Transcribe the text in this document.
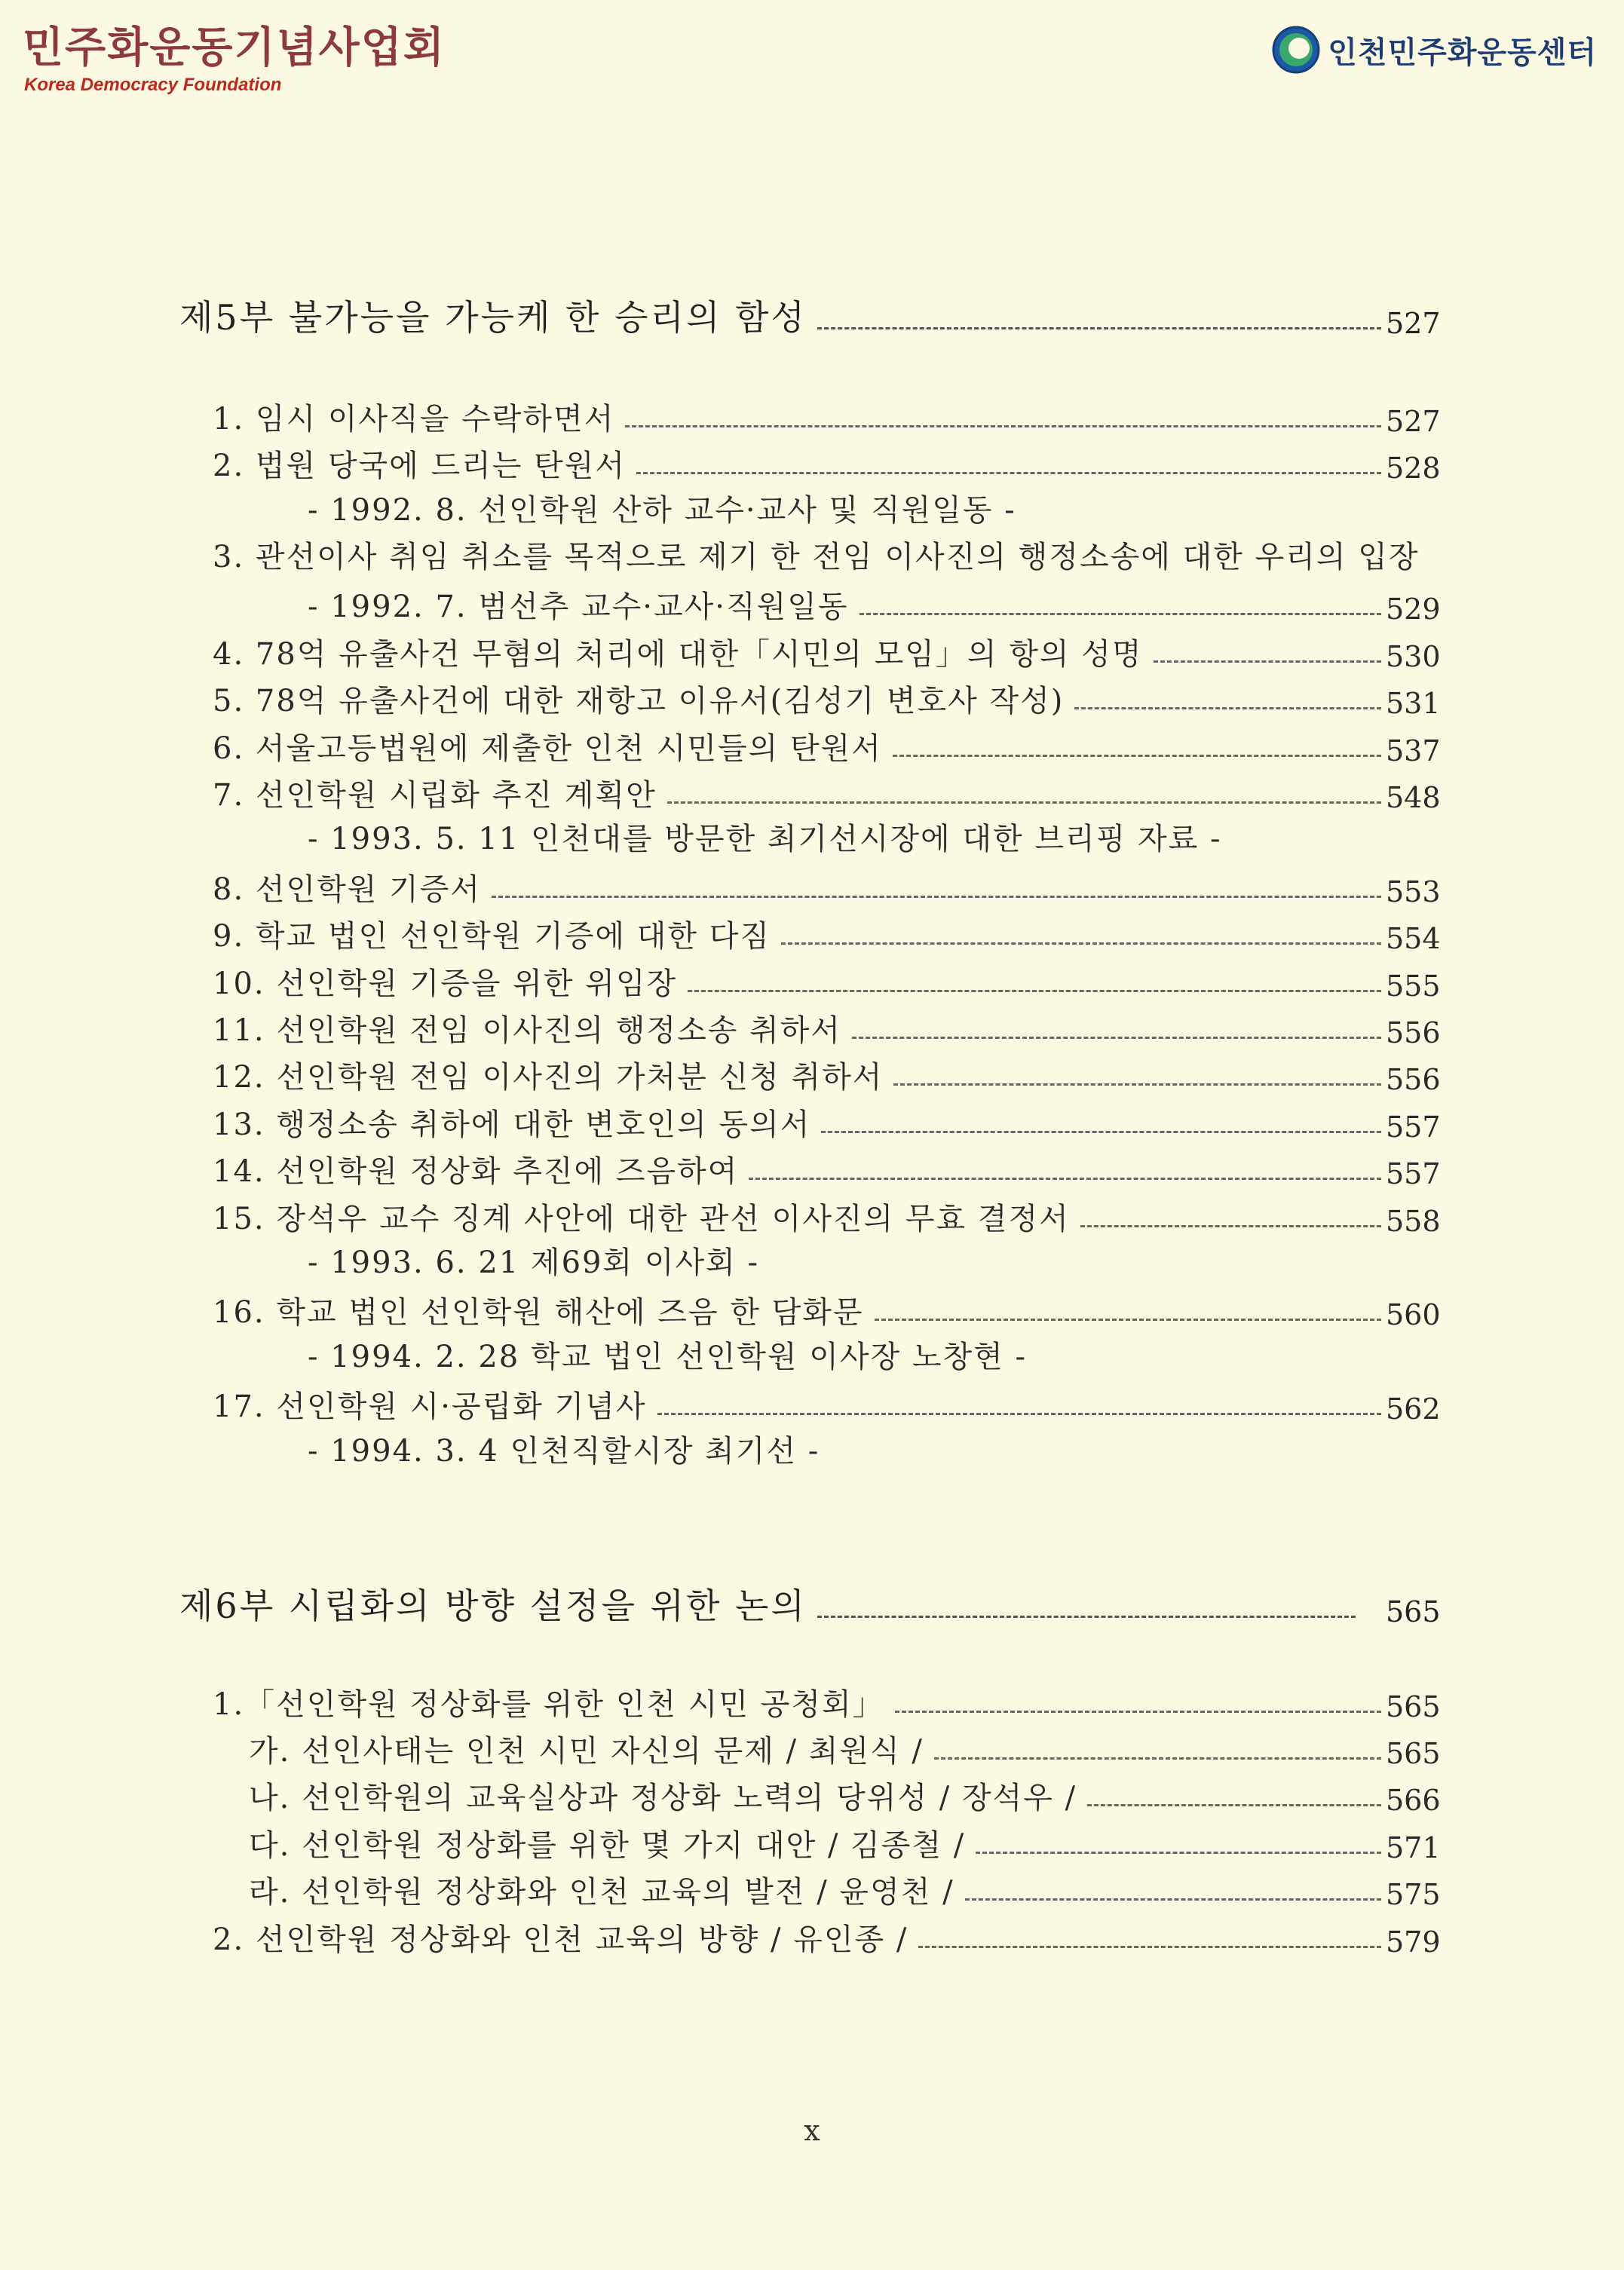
민주화운동기념사업회
Korea Democracy Foundation
인천민주화운동센터
제5부 불가능을 가능케 한 승리의 함성	527
1. 임시 이사직을 수락하면서	527
2. 법원 당국에 드리는 탄원서	528
- 1992. 8. 선인학원 산하 교수·교사 및 직원일동 -
3. 관선이사 취임 취소를 목적으로 제기 한 전임 이사진의 행정소송에 대한 우리의 입장
- 1992. 7. 범선추 교수·교사·직원일동	529
4. 78억 유출사건 무혐의 처리에 대한「시민의 모임」의 항의 성명	530
5. 78억 유출사건에 대한 재항고 이유서(김성기 변호사 작성)	531
6. 서울고등법원에 제출한 인천 시민들의 탄원서	537
7. 선인학원 시립화 추진 계획안	548
- 1993. 5. 11 인천대를 방문한 최기선시장에 대한 브리핑 자료 -
8. 선인학원 기증서	553
9. 학교 법인 선인학원 기증에 대한 다짐	554
10. 선인학원 기증을 위한 위임장	555
11. 선인학원 전임 이사진의 행정소송 취하서	556
12. 선인학원 전임 이사진의 가처분 신청 취하서	556
13. 행정소송 취하에 대한 변호인의 동의서	557
14. 선인학원 정상화 추진에 즈음하여	557
15. 장석우 교수 징계 사안에 대한 관선 이사진의 무효 결정서	558
- 1993. 6. 21 제69회 이사회 -
16. 학교 법인 선인학원 해산에 즈음 한 담화문	560
- 1994. 2. 28 학교 법인 선인학원 이사장 노창현 -
17. 선인학원 시·공립화 기념사	562
- 1994. 3. 4 인천직할시장 최기선 -
제6부 시립화의 방향 설정을 위한 논의	565
1.「선인학원 정상화를 위한 인천 시민 공청회」	565
가. 선인사태는 인천 시민 자신의 문제 / 최원식 /	565
나. 선인학원의 교육실상과 정상화 노력의 당위성 / 장석우 /	566
다. 선인학원 정상화를 위한 몇 가지 대안 / 김종철 /	571
라. 선인학원 정상화와 인천 교육의 발전 / 윤영천 /	575
2. 선인학원 정상화와 인천 교육의 방향 / 유인종 /	579
x
